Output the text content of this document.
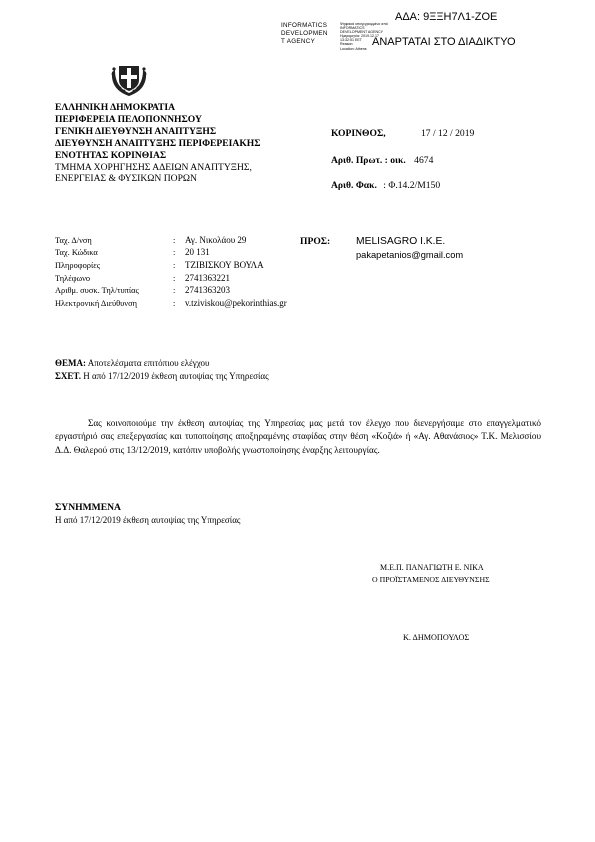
ΑΔΑ: 9ΞΞΗ7Λ1-ΖΟΕ
INFORMATICS
DEVELOPMEN
T AGENCY
Ψηφιακά υπογεγραμμένο από
INFORMATICS
DEVELOPMENT AGENCY
Ημερομηνία: 2019.12.17
13:32:51 EET
Reason:
Location: Athens
ΑΝΑΡΤΑΤΑΙ ΣΤΟ ΔΙΑΔΙΚΤΥΟ
ΕΛΛΗΝΙΚΗ ΔΗΜΟΚΡΑΤΙΑ
ΠΕΡΙΦΕΡΕΙΑ ΠΕΛΟΠΟΝΝΗΣΟΥ
ΓΕΝΙΚΗ ΔΙΕΥΘΥΝΣΗ ΑΝΑΠΤΥΞΗΣ
ΔΙΕΥΘΥΝΣΗ ΑΝΑΠΤΥΞΗΣ ΠΕΡΙΦΕΡΕΙΑΚΗΣ
ΕΝΟΤΗΤΑΣ ΚΟΡΙΝΘΙΑΣ
ΤΜΗΜΑ ΧΟΡΗΓΗΣΗΣ ΑΔΕΙΩΝ ΑΝΑΠΤΥΞΗΣ,
ΕΝΕΡΓΕΙΑΣ & ΦΥΣΙΚΩΝ ΠΟΡΩΝ
ΚΟΡΙΝΘΟΣ,	17 / 12 / 2019
Αριθ. Πρωτ. : οικ. 4674
Αριθ. Φακ. : Φ.14.2/Μ150
Ταχ. Δ/νση	: Αγ. Νικολάου 29
Ταχ. Κώδικα	: 20 131
Πληροφορίες	: ΤΖΙΒΙΣΚΟΥ ΒΟΥΛΑ
Τηλέφωνο	: 2741363221
Αριθμ. συσκ. Τηλ/τυπίας	: 2741363203
Ηλεκτρονική Διεύθυνση	: v.tziviskou@pekorinthias.gr
ΠΡΟΣ: MELISAGRO I.K.E.
pakapetanios@gmail.com
ΘΕΜΑ: Αποτελέσματα επιτόπιου ελέγχου
ΣΧΕΤ. Η από 17/12/2019 έκθεση αυτοψίας της Υπηρεσίας
Σας κοινοποιούμε την έκθεση αυτοψίας της Υπηρεσίας μας μετά τον έλεγχο που διενεργήσαμε στο επαγγελματικό εργαστήριό σας επεξεργασίας και τυποποίησης αποξηραμένης σταφίδας στην θέση «Κοζιά» ή «Αγ. Αθανάσιος» Τ.Κ. Μελισσίου Δ.Δ. Θαλερού στις 13/12/2019, κατόπιν υποβολής γνωστοποίησης έναρξης λειτουργίας.
ΣΥΝΗΜΜΕΝΑ
Η από 17/12/2019 έκθεση αυτοψίας της Υπηρεσίας
Μ.Ε.Π. ΠΑΝΑΓΙΩΤΗ Ε. ΝΙΚΑ
Ο ΠΡΟΪΣΤΑΜΕΝΟΣ ΔΙΕΥΘΥΝΣΗΣ
Κ. ΔΗΜΟΠΟΥΛΟΣ
